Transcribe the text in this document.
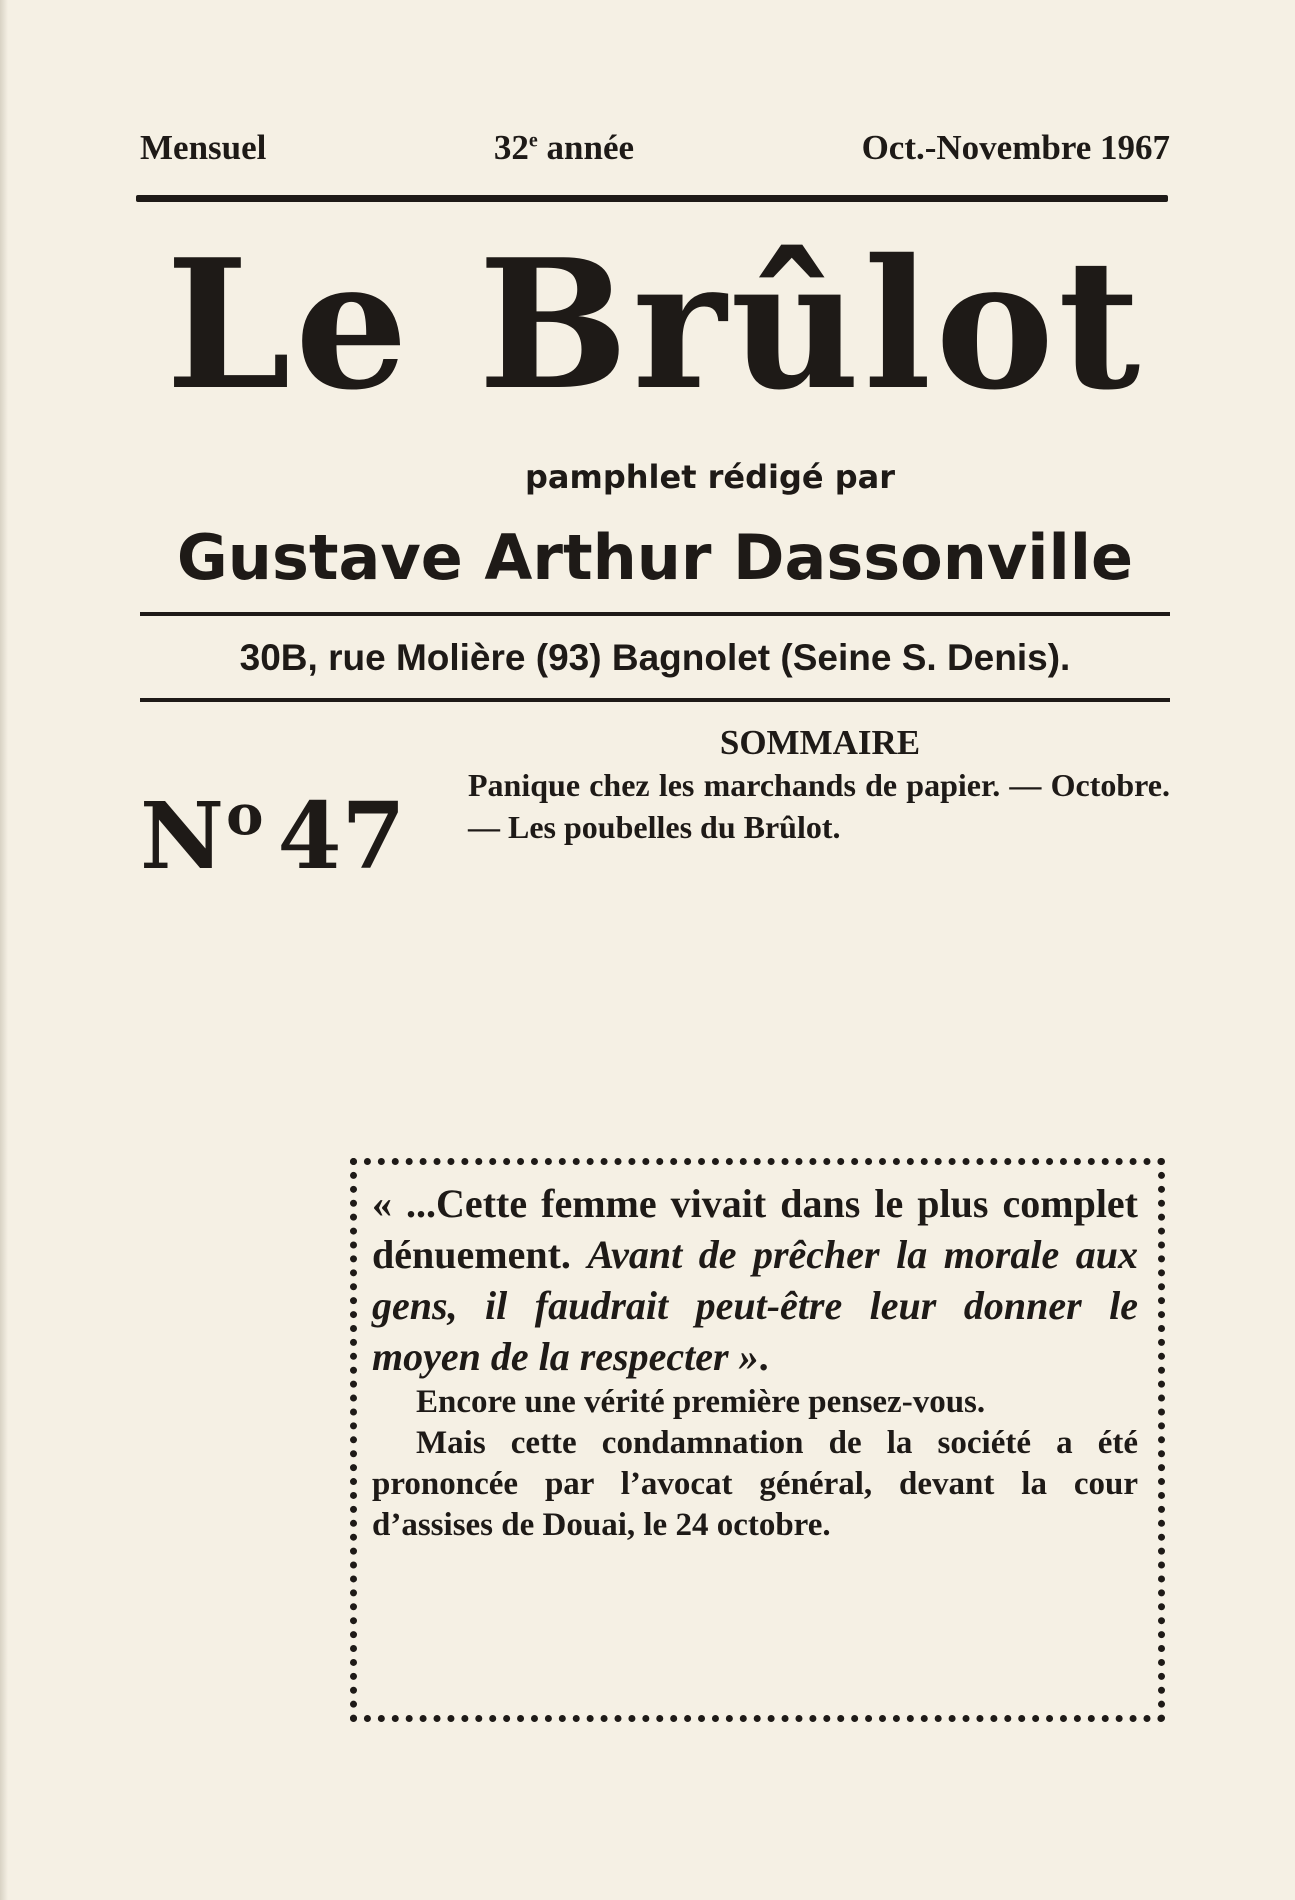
Mensuel	32e année	Oct.-Novembre 1967
Le Brûlot
pamphlet rédigé par
Gustave Arthur Dassonville
30B, rue Molière (93) Bagnolet (Seine S. Denis).
$N^o$ 47
SOMMAIRE
Panique chez les marchands de papier. — Octobre. — Les poubelles du Brûlot.

« ...Cette femme vivait dans le plus complet dénuement. Avant de prêcher la morale aux gens, il faudrait peut-être leur donner le moyen de la respecter ».

Encore une vérité première pensez-vous.

Mais cette condamnation de la société a été prononcée par l’avocat général, devant la cour d’assises de Douai, le 24 octobre.
